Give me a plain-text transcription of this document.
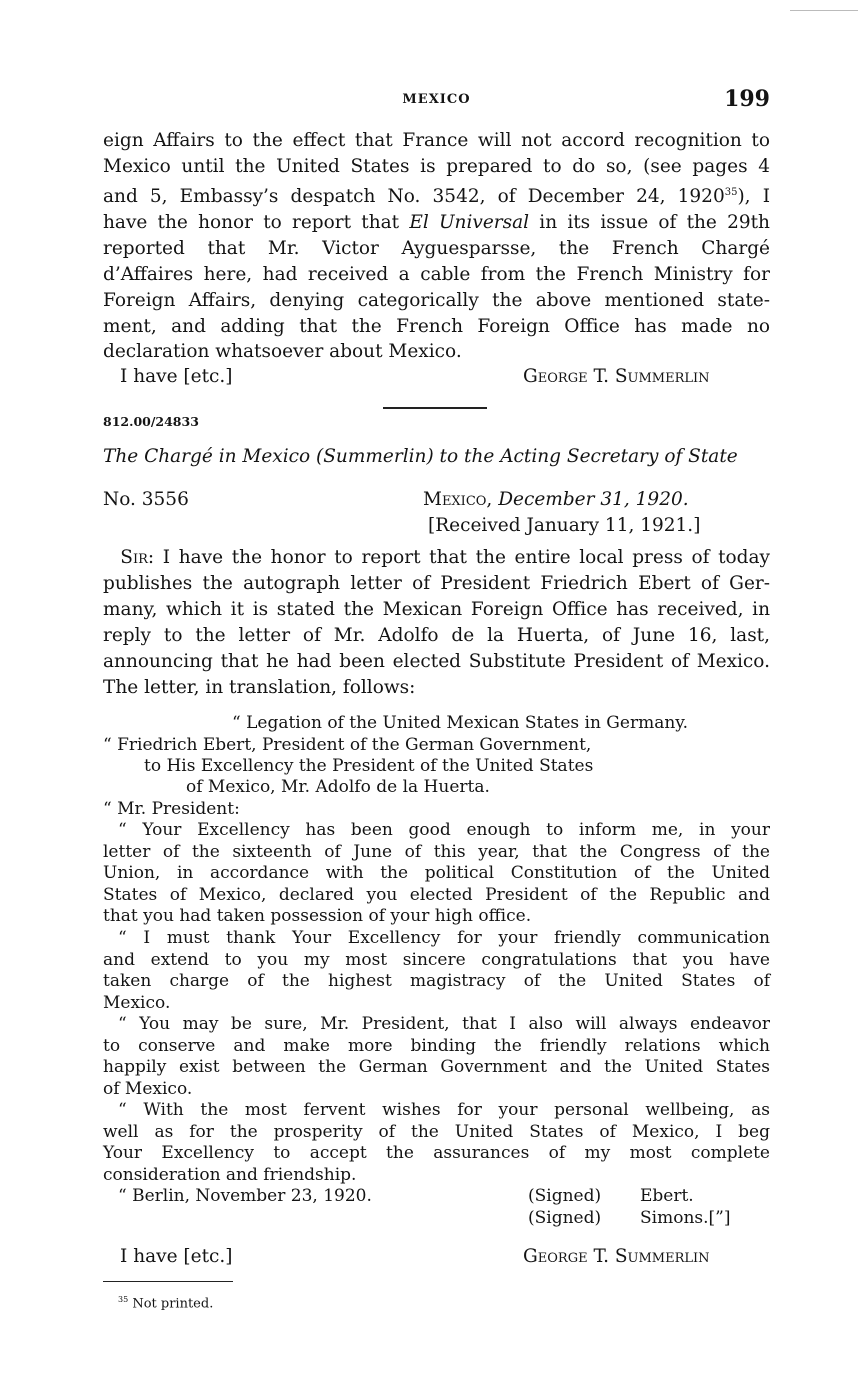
MEXICO	199
eign Affairs to the effect that France will not accord recognition to
Mexico until the United States is prepared to do so, (see pages 4
and 5, Embassy’s despatch No. 3542, of December 24, 1920$^{35}$), I
have the honor to report that El Universal in its issue of the 29th
reported that Mr. Victor Ayguesparsse, the French Chargé
d’Affaires here, had received a cable from the French Ministry for
Foreign Affairs, denying categorically the above mentioned state-
ment, and adding that the French Foreign Office has made no
declaration whatsoever about Mexico.
I have [etc.]	George T. Summerlin
812.00/24833
The Chargé in Mexico (Summerlin) to the Acting Secretary of State
No. 3556	Mexico, December 31, 1920.
[Received January 11, 1921.]
Sir: I have the honor to report that the entire local press of today
publishes the autograph letter of President Friedrich Ebert of Ger-
many, which it is stated the Mexican Foreign Office has received, in
reply to the letter of Mr. Adolfo de la Huerta, of June 16, last,
announcing that he had been elected Substitute President of Mexico.
The letter, in translation, follows:
“ Legation of the United Mexican States in Germany.
“ Friedrich Ebert, President of the German Government,
to His Excellency the President of the United States
of Mexico, Mr. Adolfo de la Huerta.
“ Mr. President:
“ Your Excellency has been good enough to inform me, in your
letter of the sixteenth of June of this year, that the Congress of the
Union, in accordance with the political Constitution of the United
States of Mexico, declared you elected President of the Republic and
that you had taken possession of your high office.
“ I must thank Your Excellency for your friendly communication
and extend to you my most sincere congratulations that you have
taken charge of the highest magistracy of the United States of
Mexico.
“ You may be sure, Mr. President, that I also will always endeavor
to conserve and make more binding the friendly relations which
happily exist between the German Government and the United States
of Mexico.
“ With the most fervent wishes for your personal wellbeing, as
well as for the prosperity of the United States of Mexico, I beg
Your Excellency to accept the assurances of my most complete
consideration and friendship.
“ Berlin, November 23, 1920.	(Signed) Ebert.
(Signed) Simons.[”]
I have [etc.]	George T. Summerlin
$^{35}$ Not printed.
